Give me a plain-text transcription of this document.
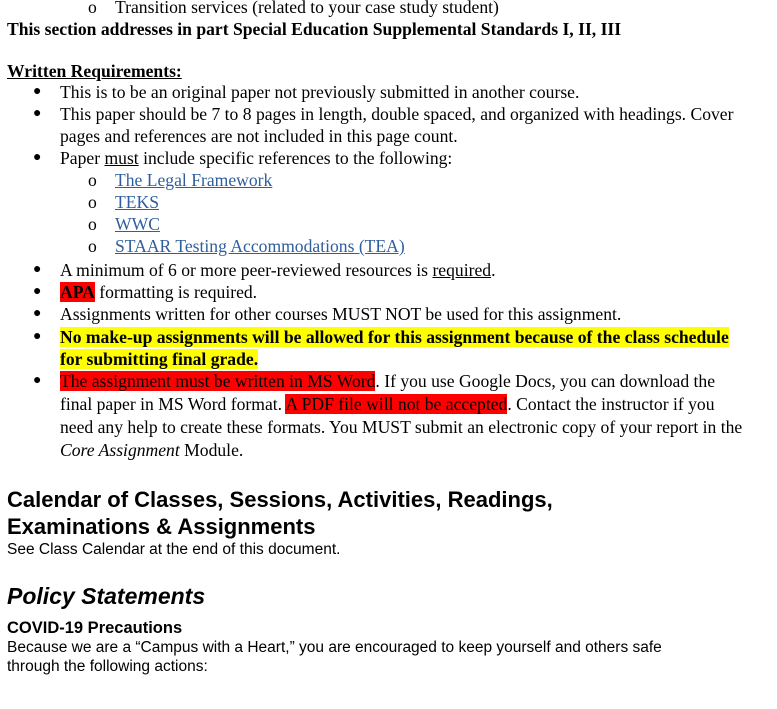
o Transition services (related to your case study student)
This section addresses in part Special Education Supplemental Standards I, II, III
Written Requirements:
● This is to be an original paper not previously submitted in another course.
● This paper should be 7 to 8 pages in length, double spaced, and organized with headings. Cover
pages and references are not included in this page count.
● Paper must include specific references to the following:
o The Legal Framework
o TEKS
o WWC
o STAAR Testing Accommodations (TEA)
● A minimum of 6 or more peer-reviewed resources is required.
● APA formatting is required.
● Assignments written for other courses MUST NOT be used for this assignment.
● No make-up assignments will be allowed for this assignment because of the class schedule
for submitting final grade.
● The assignment must be written in MS Word. If you use Google Docs, you can download the
final paper in MS Word format. A PDF file will not be accepted. Contact the instructor if you
need any help to create these formats. You MUST submit an electronic copy of your report in the
Core Assignment Module.
Calendar of Classes, Sessions, Activities, Readings,
Examinations & Assignments
See Class Calendar at the end of this document.
Policy Statements
COVID-19 Precautions
Because we are a “Campus with a Heart,” you are encouraged to keep yourself and others safe
through the following actions:
